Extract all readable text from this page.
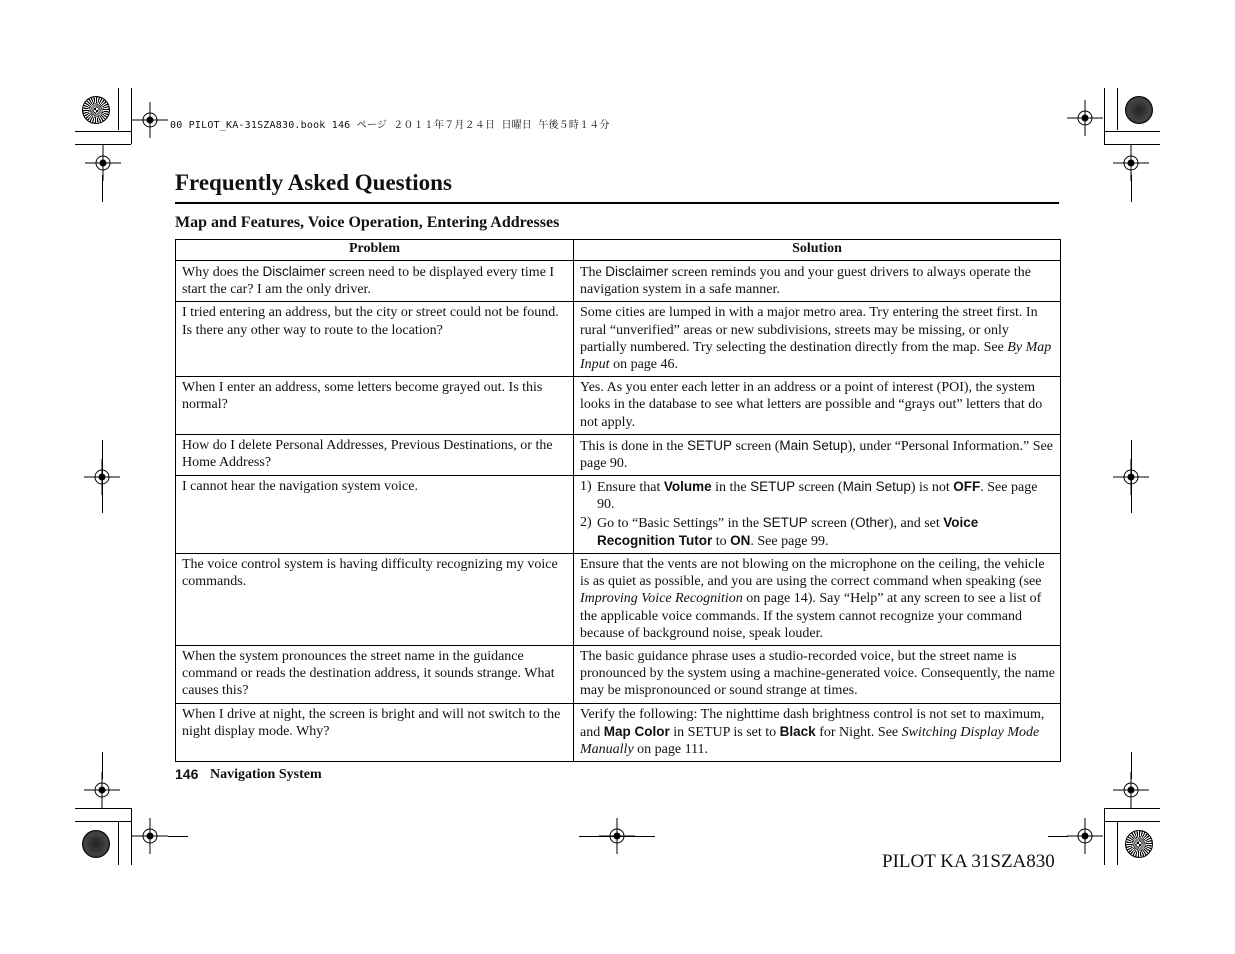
00 PILOT_KA-31SZA830.book 146 ページ ２０１１年７月２４日 日曜日 午後５時１４分
Frequently Asked Questions
Map and Features, Voice Operation, Entering Addresses
Problem	Solution
Why does the Disclaimer screen need to be displayed every time I start the car? I am the only driver.	The Disclaimer screen reminds you and your guest drivers to always operate the navigation system in a safe manner.
I tried entering an address, but the city or street could not be found. Is there any other way to route to the location?	Some cities are lumped in with a major metro area. Try entering the street first. In rural “unverified” areas or new subdivisions, streets may be missing, or only partially numbered. Try selecting the destination directly from the map. See By Map Input on page 46.
When I enter an address, some letters become grayed out. Is this normal?	Yes. As you enter each letter in an address or a point of interest (POI), the system looks in the database to see what letters are possible and “grays out” letters that do not apply.
How do I delete Personal Addresses, Previous Destinations, or the Home Address?	This is done in the SETUP screen (Main Setup), under “Personal Information.” See page 90.
I cannot hear the navigation system voice.	1) Ensure that Volume in the SETUP screen (Main Setup) is not OFF. See page 90.
2) Go to “Basic Settings” in the SETUP screen (Other), and set Voice Recognition Tutor to ON. See page 99.

The voice control system is having difficulty recognizing my voice commands.	Ensure that the vents are not blowing on the microphone on the ceiling, the vehicle is as quiet as possible, and you are using the correct command when speaking (see Improving Voice Recognition on page 14). Say “Help” at any screen to see a list of the applicable voice commands. If the system cannot recognize your command because of background noise, speak louder.
When the system pronounces the street name in the guidance command or reads the destination address, it sounds strange. What causes this?	The basic guidance phrase uses a studio-recorded voice, but the street name is pronounced by the system using a machine-generated voice. Consequently, the name may be mispronounced or sound strange at times.
When I drive at night, the screen is bright and will not switch to the night display mode. Why?	Verify the following: The nighttime dash brightness control is not set to maximum, and Map Color in SETUP is set to Black for Night. See Switching Display Mode Manually on page 111.
146 Navigation System
PILOT KA 31SZA830
